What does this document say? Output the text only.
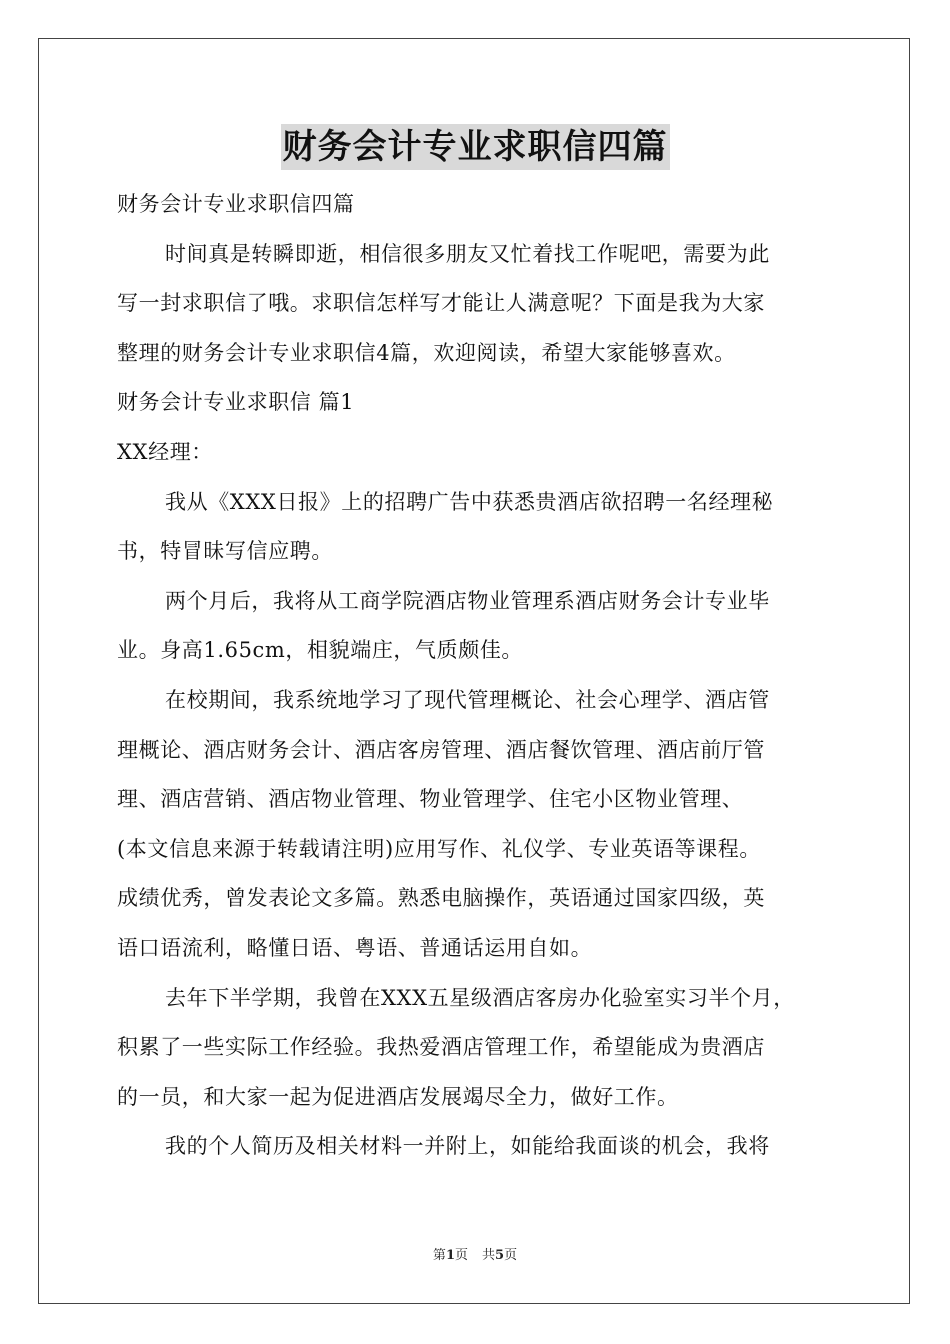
财务会计专业求职信四篇
财务会计专业求职信四篇
时间真是转瞬即逝，相信很多朋友又忙着找工作呢吧，需要为此
写一封求职信了哦。求职信怎样写才能让人满意呢？下面是我为大家
整理的财务会计专业求职信4篇，欢迎阅读，希望大家能够喜欢。
财务会计专业求职信 篇1
XX经理：
我从《XXX日报》上的招聘广告中获悉贵酒店欲招聘一名经理秘
书，特冒昧写信应聘。
两个月后，我将从工商学院酒店物业管理系酒店财务会计专业毕
业。身高1.65cm，相貌端庄，气质颇佳。
在校期间，我系统地学习了现代管理概论、社会心理学、酒店管
理概论、酒店财务会计、酒店客房管理、酒店餐饮管理、酒店前厅管
理、酒店营销、酒店物业管理、物业管理学、住宅小区物业管理、
(本文信息来源于转载请注明)应用写作、礼仪学、专业英语等课程。
成绩优秀，曾发表论文多篇。熟悉电脑操作，英语通过国家四级，英
语口语流利，略懂日语、粤语、普通话运用自如。
去年下半学期，我曾在XXX五星级酒店客房办化验室实习半个月，
积累了一些实际工作经验。我热爱酒店管理工作，希望能成为贵酒店
的一员，和大家一起为促进酒店发展竭尽全力，做好工作。
我的个人简历及相关材料一并附上，如能给我面谈的机会，我将
第1页 共5页
